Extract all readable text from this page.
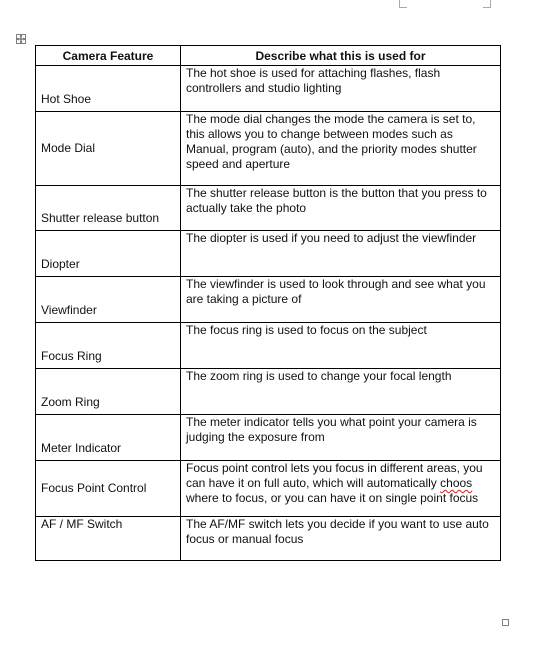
Camera Feature	Describe what this is used for
Hot Shoe	The hot shoe is used for attaching flashes, flash controllers and studio lighting
Mode Dial	The mode dial changes the mode the camera is set to, this allows you to change between modes such as Manual, program (auto), and the priority modes shutter speed and aperture
Shutter release button	The shutter release button is the button that you press to actually take the photo
Diopter	The diopter is used if you need to adjust the viewfinder
Viewfinder	The viewfinder is used to look through and see what you are taking a picture of
Focus Ring	The focus ring is used to focus on the subject
Zoom Ring	The zoom ring is used to change your focal length
Meter Indicator	The meter indicator tells you what point your camera is judging the exposure from
Focus Point Control	Focus point control lets you focus in different areas, you can have it on full auto, which will automatically choos where to focus, or you can have it on single point focus
AF / MF Switch	The AF/MF switch lets you decide if you want to use auto focus or manual focus
